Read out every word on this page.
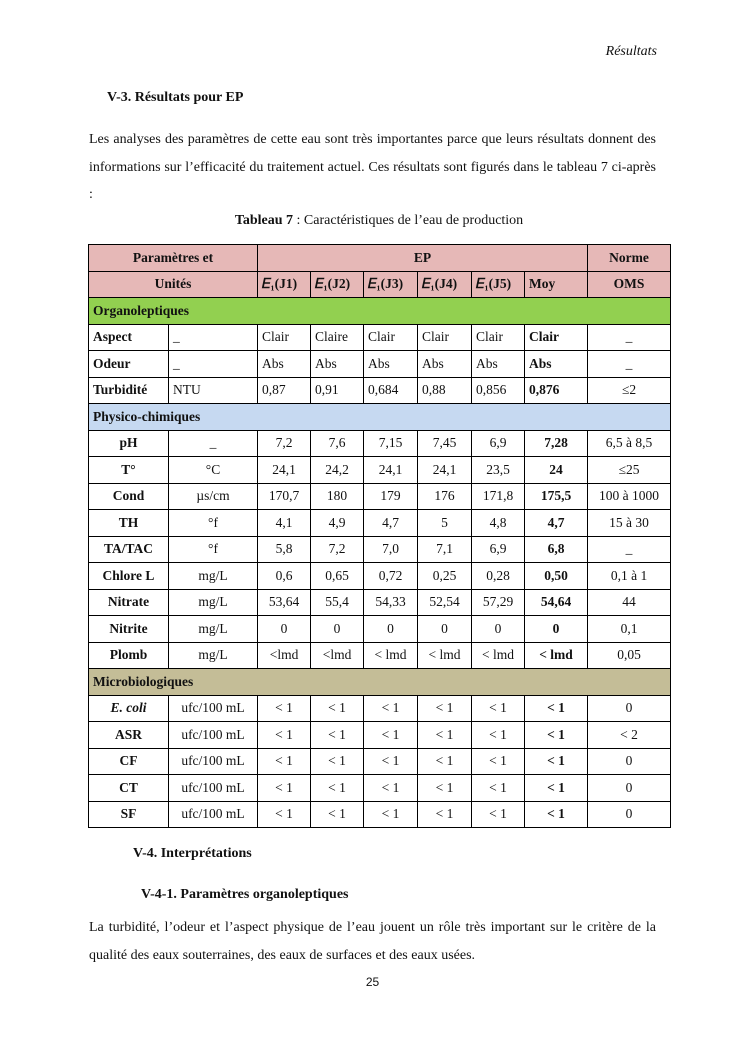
Résultats
V-3. Résultats pour EP
Les analyses des paramètres de cette eau sont très importantes parce que leurs résultats donnent des informations sur l’efficacité du traitement actuel. Ces résultats sont figurés dans le tableau 7 ci-après :
Tableau 7 : Caractéristiques de l’eau de production
Paramètres et		EP						Norme
Unités		𝐸₁(J1)	𝐸₁(J2)	𝐸₁(J3)	𝐸₁(J4)	𝐸₁(J5)	Moy	OMS
Organoleptiques								
Aspect	_	Clair	Claire	Clair	Clair	Clair	Clair	_
Odeur	_	Abs	Abs	Abs	Abs	Abs	Abs	_
Turbidité	NTU	0,87	0,91	0,684	0,88	0,856	0,876	≤2
Physico-chimiques								
pH	_	7,2	7,6	7,15	7,45	6,9	7,28	6,5 à 8,5
T°	°C	24,1	24,2	24,1	24,1	23,5	24	≤25
Cond	µs/cm	170,7	180	179	176	171,8	175,5	100 à 1000
TH	°f	4,1	4,9	4,7	5	4,8	4,7	15 à 30
TA/TAC	°f	5,8	7,2	7,0	7,1	6,9	6,8	_
Chlore L	mg/L	0,6	0,65	0,72	0,25	0,28	0,50	0,1 à 1
Nitrate	mg/L	53,64	55,4	54,33	52,54	57,29	54,64	44
Nitrite	mg/L	0	0	0	0	0	0	0,1
Plomb	mg/L	<lmd	<lmd	< lmd	< lmd	< lmd	< lmd	0,05
Microbiologiques								
E. coli	ufc/100 mL	< 1	< 1	< 1	< 1	< 1	< 1	0
ASR	ufc/100 mL	< 1	< 1	< 1	< 1	< 1	< 1	< 2
CF	ufc/100 mL	< 1	< 1	< 1	< 1	< 1	< 1	0
CT	ufc/100 mL	< 1	< 1	< 1	< 1	< 1	< 1	0
SF	ufc/100 mL	< 1	< 1	< 1	< 1	< 1	< 1	0
V-4. Interprétations
V-4-1. Paramètres organoleptiques
La turbidité, l’odeur et l’aspect physique de l’eau jouent un rôle très important sur le critère de la qualité des eaux souterraines, des eaux de surfaces et des eaux usées.
25
